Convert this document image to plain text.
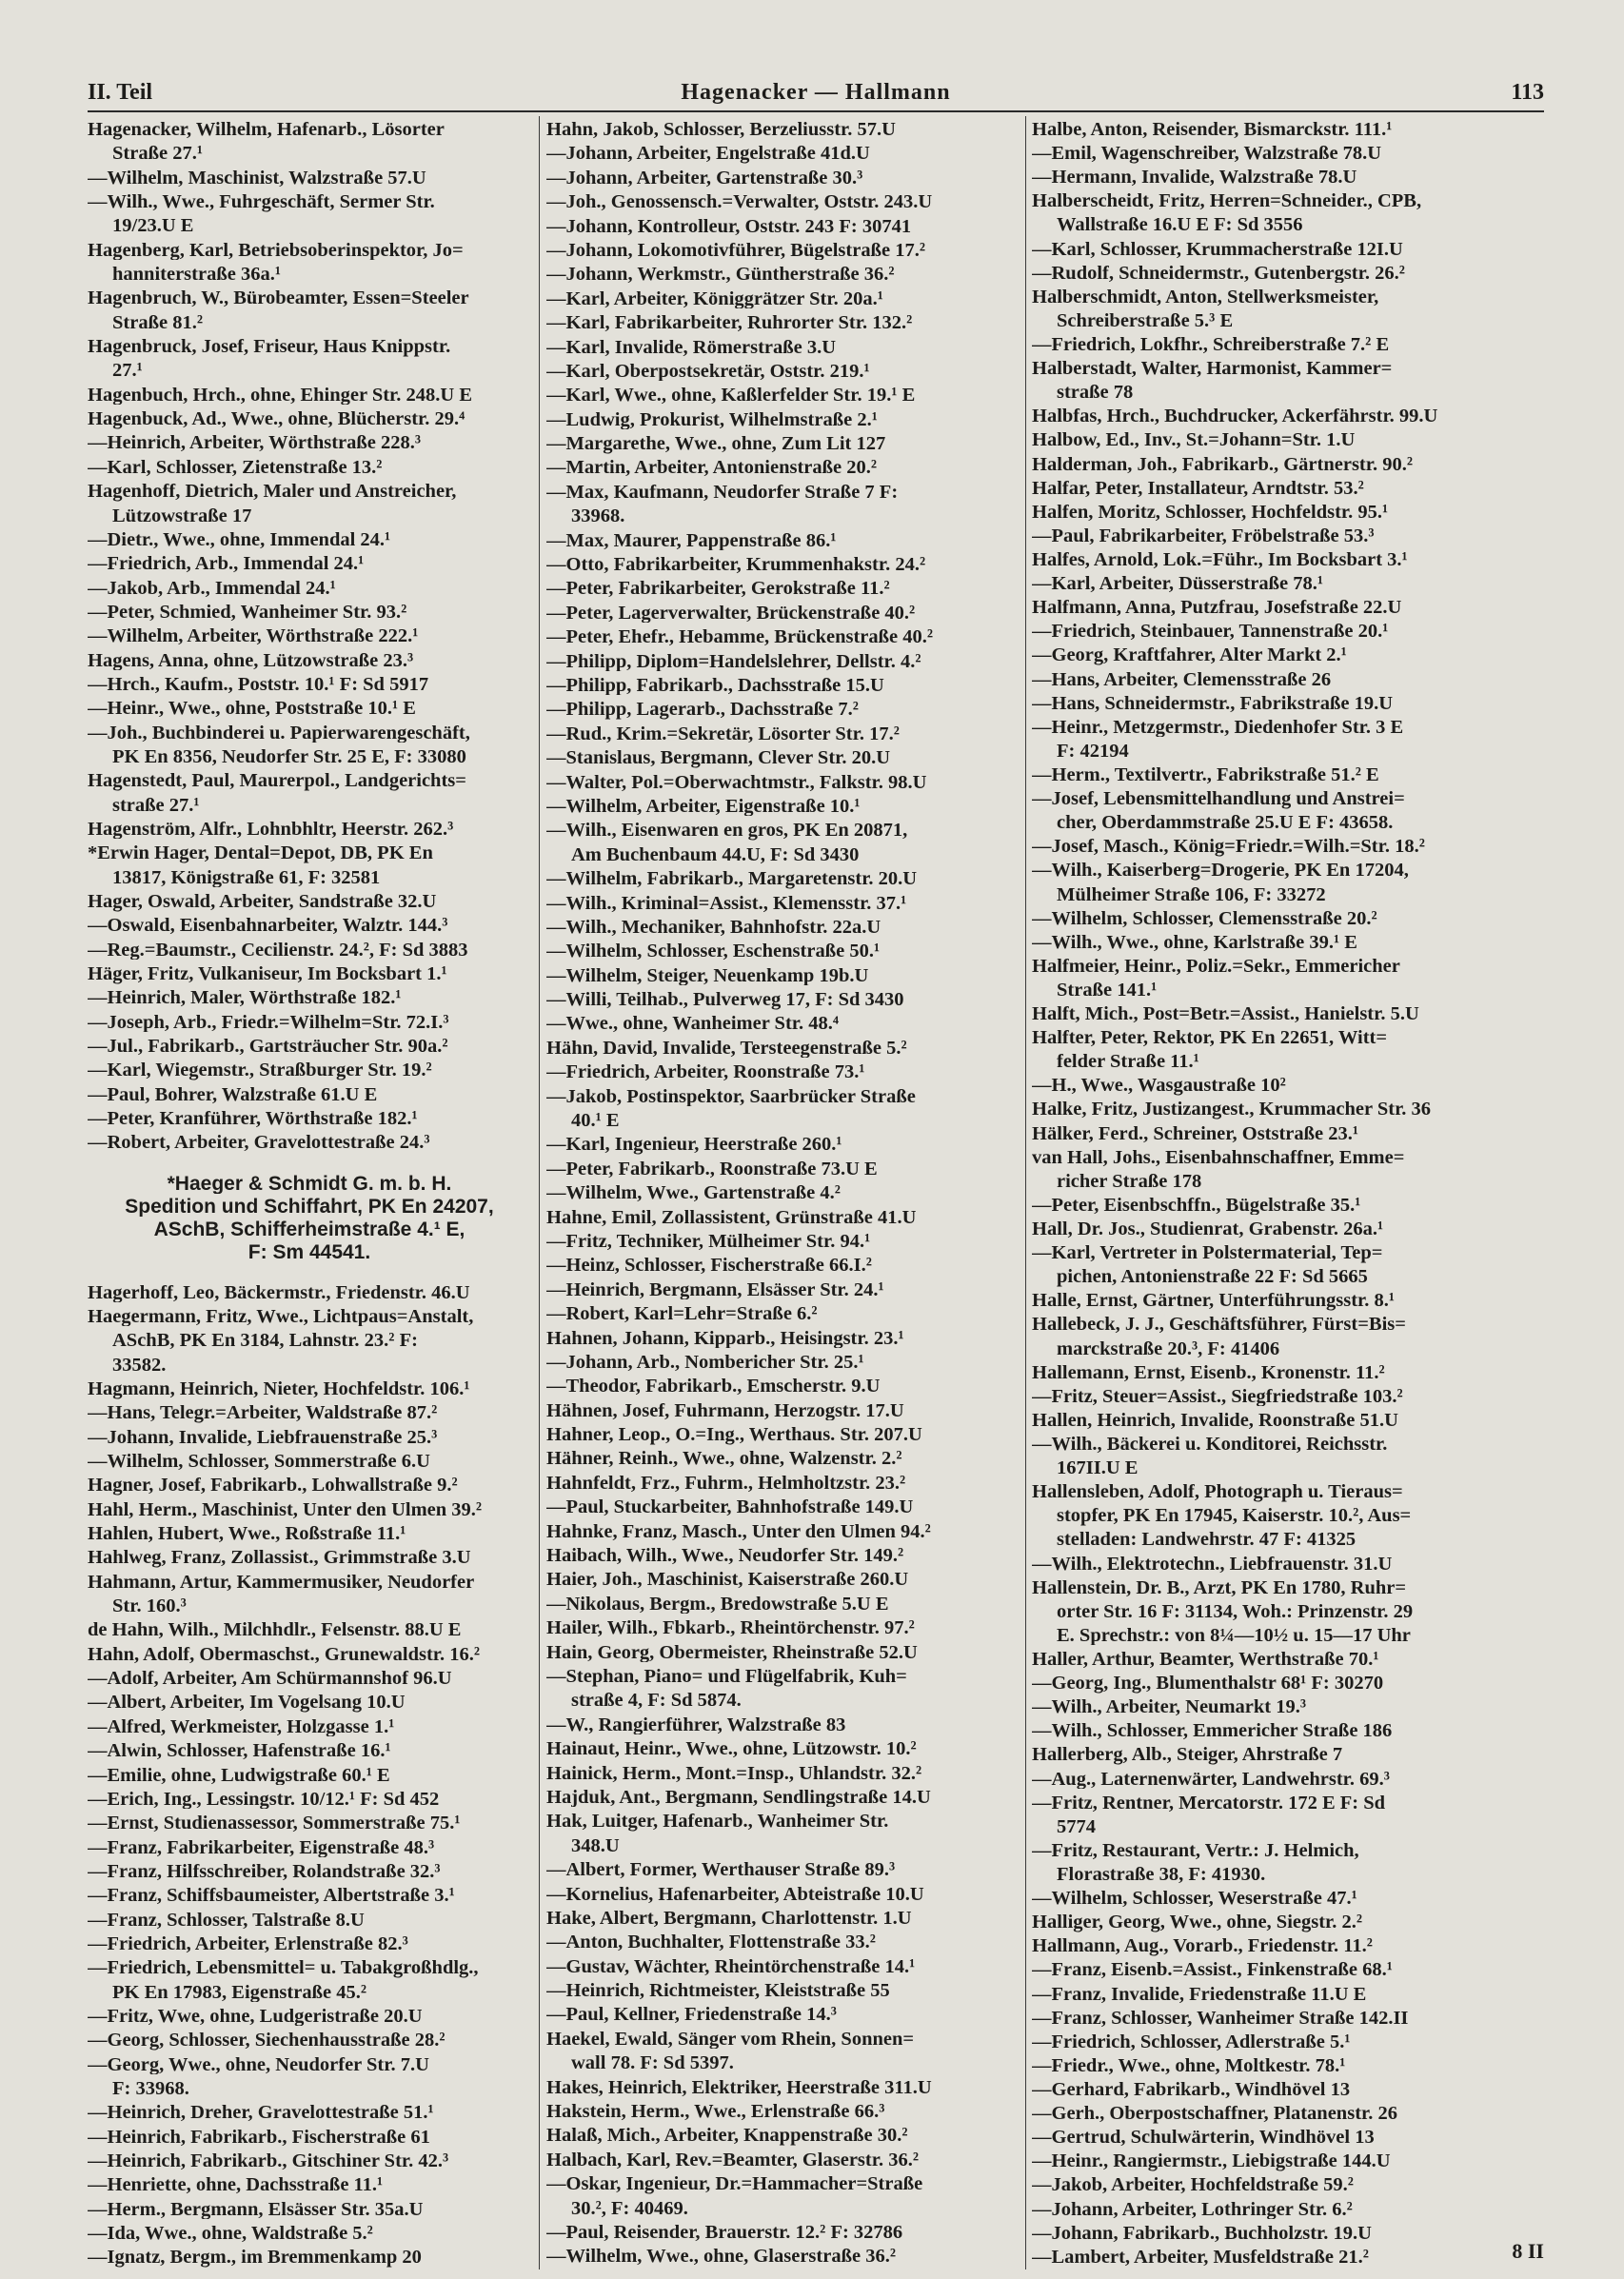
II. Teil	Hagenacker — Hallmann	113
Hagenacker, Wilhelm, Hafenarb., Lösorter
Straße 27.¹
—Wilhelm, Maschinist, Walzstraße 57.U
—Wilh., Wwe., Fuhrgeschäft, Sermer Str.
19/23.U E
Hagenberg, Karl, Betriebsoberinspektor, Jo=
hanniterstraße 36a.¹
Hagenbruch, W., Bürobeamter, Essen=Steeler
Straße 81.²
Hagenbruck, Josef, Friseur, Haus Knippstr.
27.¹
Hagenbuch, Hrch., ohne, Ehinger Str. 248.U E
Hagenbuck, Ad., Wwe., ohne, Blücherstr. 29.⁴
—Heinrich, Arbeiter, Wörthstraße 228.³
—Karl, Schlosser, Zietenstraße 13.²
Hagenhoff, Dietrich, Maler und Anstreicher,
Lützowstraße 17
—Dietr., Wwe., ohne, Immendal 24.¹
—Friedrich, Arb., Immendal 24.¹
—Jakob, Arb., Immendal 24.¹
—Peter, Schmied, Wanheimer Str. 93.²
—Wilhelm, Arbeiter, Wörthstraße 222.¹
Hagens, Anna, ohne, Lützowstraße 23.³
—Hrch., Kaufm., Poststr. 10.¹ F: Sd 5917
—Heinr., Wwe., ohne, Poststraße 10.¹ E
—Joh., Buchbinderei u. Papierwarengeschäft,
PK En 8356, Neudorfer Str. 25 E, F: 33080
Hagenstedt, Paul, Maurerpol., Landgerichts=
straße 27.¹
Hagenström, Alfr., Lohnbhltr, Heerstr. 262.³
*Erwin Hager, Dental=Depot, DB, PK En
13817, Königstraße 61, F: 32581
Hager, Oswald, Arbeiter, Sandstraße 32.U
—Oswald, Eisenbahnarbeiter, Walztr. 144.³
—Reg.=Baumstr., Cecilienstr. 24.², F: Sd 3883
Häger, Fritz, Vulkaniseur, Im Bocksbart 1.¹
—Heinrich, Maler, Wörthstraße 182.¹
—Joseph, Arb., Friedr.=Wilhelm=Str. 72.I.³
—Jul., Fabrikarb., Gartsträucher Str. 90a.²
—Karl, Wiegemstr., Straßburger Str. 19.²
—Paul, Bohrer, Walzstraße 61.U E
—Peter, Kranführer, Wörthstraße 182.¹
—Robert, Arbeiter, Gravelottestraße 24.³
*Haeger & Schmidt G. m. b. H.
Spedition und Schiffahrt, PK En 24207,
ASchB, Schifferheimstraße 4.¹ E,
F: Sm 44541.
Hagerhoff, Leo, Bäckermstr., Friedenstr. 46.U
Haegermann, Fritz, Wwe., Lichtpaus=Anstalt,
ASchB, PK En 3184, Lahnstr. 23.² F:
33582.
Hagmann, Heinrich, Nieter, Hochfeldstr. 106.¹
—Hans, Telegr.=Arbeiter, Waldstraße 87.²
—Johann, Invalide, Liebfrauenstraße 25.³
—Wilhelm, Schlosser, Sommerstraße 6.U
Hagner, Josef, Fabrikarb., Lohwallstraße 9.²
Hahl, Herm., Maschinist, Unter den Ulmen 39.²
Hahlen, Hubert, Wwe., Roßstraße 11.¹
Hahlweg, Franz, Zollassist., Grimmstraße 3.U
Hahmann, Artur, Kammermusiker, Neudorfer
Str. 160.³
de Hahn, Wilh., Milchhdlr., Felsenstr. 88.U E
Hahn, Adolf, Obermaschst., Grunewaldstr. 16.²
—Adolf, Arbeiter, Am Schürmannshof 96.U
—Albert, Arbeiter, Im Vogelsang 10.U
—Alfred, Werkmeister, Holzgasse 1.¹
—Alwin, Schlosser, Hafenstraße 16.¹
—Emilie, ohne, Ludwigstraße 60.¹ E
—Erich, Ing., Lessingstr. 10/12.¹ F: Sd 452
—Ernst, Studienassessor, Sommerstraße 75.¹
—Franz, Fabrikarbeiter, Eigenstraße 48.³
—Franz, Hilfsschreiber, Rolandstraße 32.³
—Franz, Schiffsbaumeister, Albertstraße 3.¹
—Franz, Schlosser, Talstraße 8.U
—Friedrich, Arbeiter, Erlenstraße 82.³
—Friedrich, Lebensmittel= u. Tabakgroßhdlg.,
PK En 17983, Eigenstraße 45.²
—Fritz, Wwe, ohne, Ludgeristraße 20.U
—Georg, Schlosser, Siechenhausstraße 28.²
—Georg, Wwe., ohne, Neudorfer Str. 7.U
F: 33968.
—Heinrich, Dreher, Gravelottestraße 51.¹
—Heinrich, Fabrikarb., Fischerstraße 61
—Heinrich, Fabrikarb., Gitschiner Str. 42.³
—Henriette, ohne, Dachsstraße 11.¹
—Herm., Bergmann, Elsässer Str. 35a.U
—Ida, Wwe., ohne, Waldstraße 5.²
—Ignatz, Bergm., im Bremmenkamp 20
Hahn, Jakob, Schlosser, Berzeliusstr. 57.U
—Johann, Arbeiter, Engelstraße 41d.U
—Johann, Arbeiter, Gartenstraße 30.³
—Joh., Genossensch.=Verwalter, Oststr. 243.U
—Johann, Kontrolleur, Oststr. 243 F: 30741
—Johann, Lokomotivführer, Bügelstraße 17.²
—Johann, Werkmstr., Güntherstraße 36.²
—Karl, Arbeiter, Königgrätzer Str. 20a.¹
—Karl, Fabrikarbeiter, Ruhrorter Str. 132.²
—Karl, Invalide, Römerstraße 3.U
—Karl, Oberpostsekretär, Oststr. 219.¹
—Karl, Wwe., ohne, Kaßlerfelder Str. 19.¹ E
—Ludwig, Prokurist, Wilhelmstraße 2.¹
—Margarethe, Wwe., ohne, Zum Lit 127
—Martin, Arbeiter, Antonienstraße 20.²
—Max, Kaufmann, Neudorfer Straße 7 F:
33968.
—Max, Maurer, Pappenstraße 86.¹
—Otto, Fabrikarbeiter, Krummenhakstr. 24.²
—Peter, Fabrikarbeiter, Gerokstraße 11.²
—Peter, Lagerverwalter, Brückenstraße 40.²
—Peter, Ehefr., Hebamme, Brückenstraße 40.²
—Philipp, Diplom=Handelslehrer, Dellstr. 4.²
—Philipp, Fabrikarb., Dachsstraße 15.U
—Philipp, Lagerarb., Dachsstraße 7.²
—Rud., Krim.=Sekretär, Lösorter Str. 17.²
—Stanislaus, Bergmann, Clever Str. 20.U
—Walter, Pol.=Oberwachtmstr., Falkstr. 98.U
—Wilhelm, Arbeiter, Eigenstraße 10.¹
—Wilh., Eisenwaren en gros, PK En 20871,
Am Buchenbaum 44.U, F: Sd 3430
—Wilhelm, Fabrikarb., Margaretenstr. 20.U
—Wilh., Kriminal=Assist., Klemensstr. 37.¹
—Wilh., Mechaniker, Bahnhofstr. 22a.U
—Wilhelm, Schlosser, Eschenstraße 50.¹
—Wilhelm, Steiger, Neuenkamp 19b.U
—Willi, Teilhab., Pulverweg 17, F: Sd 3430
—Wwe., ohne, Wanheimer Str. 48.⁴
Hähn, David, Invalide, Tersteegenstraße 5.²
—Friedrich, Arbeiter, Roonstraße 73.¹
—Jakob, Postinspektor, Saarbrücker Straße
40.¹ E
—Karl, Ingenieur, Heerstraße 260.¹
—Peter, Fabrikarb., Roonstraße 73.U E
—Wilhelm, Wwe., Gartenstraße 4.²
Hahne, Emil, Zollassistent, Grünstraße 41.U
—Fritz, Techniker, Mülheimer Str. 94.¹
—Heinz, Schlosser, Fischerstraße 66.I.²
—Heinrich, Bergmann, Elsässer Str. 24.¹
—Robert, Karl=Lehr=Straße 6.²
Hahnen, Johann, Kipparb., Heisingstr. 23.¹
—Johann, Arb., Nombericher Str. 25.¹
—Theodor, Fabrikarb., Emscherstr. 9.U
Hähnen, Josef, Fuhrmann, Herzogstr. 17.U
Hahner, Leop., O.=Ing., Werthaus. Str. 207.U
Hähner, Reinh., Wwe., ohne, Walzenstr. 2.²
Hahnfeldt, Frz., Fuhrm., Helmholtzstr. 23.²
—Paul, Stuckarbeiter, Bahnhofstraße 149.U
Hahnke, Franz, Masch., Unter den Ulmen 94.²
Haibach, Wilh., Wwe., Neudorfer Str. 149.²
Haier, Joh., Maschinist, Kaiserstraße 260.U
—Nikolaus, Bergm., Bredowstraße 5.U E
Hailer, Wilh., Fbkarb., Rheintörchenstr. 97.²
Hain, Georg, Obermeister, Rheinstraße 52.U
—Stephan, Piano= und Flügelfabrik, Kuh=
straße 4, F: Sd 5874.
—W., Rangierführer, Walzstraße 83
Hainaut, Heinr., Wwe., ohne, Lützowstr. 10.²
Hainick, Herm., Mont.=Insp., Uhlandstr. 32.²
Hajduk, Ant., Bergmann, Sendlingstraße 14.U
Hak, Luitger, Hafenarb., Wanheimer Str.
348.U
—Albert, Former, Werthauser Straße 89.³
—Kornelius, Hafenarbeiter, Abteistraße 10.U
Hake, Albert, Bergmann, Charlottenstr. 1.U
—Anton, Buchhalter, Flottenstraße 33.²
—Gustav, Wächter, Rheintörchenstraße 14.¹
—Heinrich, Richtmeister, Kleiststraße 55
—Paul, Kellner, Friedenstraße 14.³
Haekel, Ewald, Sänger vom Rhein, Sonnen=
wall 78. F: Sd 5397.
Hakes, Heinrich, Elektriker, Heerstraße 311.U
Hakstein, Herm., Wwe., Erlenstraße 66.³
Halaß, Mich., Arbeiter, Knappenstraße 30.²
Halbach, Karl, Rev.=Beamter, Glaserstr. 36.²
—Oskar, Ingenieur, Dr.=Hammacher=Straße
30.², F: 40469.
—Paul, Reisender, Brauerstr. 12.² F: 32786
—Wilhelm, Wwe., ohne, Glaserstraße 36.²
Halbe, Anton, Reisender, Bismarckstr. 111.¹
—Emil, Wagenschreiber, Walzstraße 78.U
—Hermann, Invalide, Walzstraße 78.U
Halberscheidt, Fritz, Herren=Schneider., CPB,
Wallstraße 16.U E F: Sd 3556
—Karl, Schlosser, Krummacherstraße 12I.U
—Rudolf, Schneidermstr., Gutenbergstr. 26.²
Halberschmidt, Anton, Stellwerksmeister,
Schreiberstraße 5.³ E
—Friedrich, Lokfhr., Schreiberstraße 7.² E
Halberstadt, Walter, Harmonist, Kammer=
straße 78
Halbfas, Hrch., Buchdrucker, Ackerfährstr. 99.U
Halbow, Ed., Inv., St.=Johann=Str. 1.U
Halderman, Joh., Fabrikarb., Gärtnerstr. 90.²
Halfar, Peter, Installateur, Arndtstr. 53.²
Halfen, Moritz, Schlosser, Hochfeldstr. 95.¹
—Paul, Fabrikarbeiter, Fröbelstraße 53.³
Halfes, Arnold, Lok.=Führ., Im Bocksbart 3.¹
—Karl, Arbeiter, Düsserstraße 78.¹
Halfmann, Anna, Putzfrau, Josefstraße 22.U
—Friedrich, Steinbauer, Tannenstraße 20.¹
—Georg, Kraftfahrer, Alter Markt 2.¹
—Hans, Arbeiter, Clemensstraße 26
—Hans, Schneidermstr., Fabrikstraße 19.U
—Heinr., Metzgermstr., Diedenhofer Str. 3 E
F: 42194
—Herm., Textilvertr., Fabrikstraße 51.² E
—Josef, Lebensmittelhandlung und Anstrei=
cher, Oberdammstraße 25.U E F: 43658.
—Josef, Masch., König=Friedr.=Wilh.=Str. 18.²
—Wilh., Kaiserberg=Drogerie, PK En 17204,
Mülheimer Straße 106, F: 33272
—Wilhelm, Schlosser, Clemensstraße 20.²
—Wilh., Wwe., ohne, Karlstraße 39.¹ E
Halfmeier, Heinr., Poliz.=Sekr., Emmericher
Straße 141.¹
Halft, Mich., Post=Betr.=Assist., Hanielstr. 5.U
Halfter, Peter, Rektor, PK En 22651, Witt=
felder Straße 11.¹
—H., Wwe., Wasgaustraße 10²
Halke, Fritz, Justizangest., Krummacher Str. 36
Hälker, Ferd., Schreiner, Oststraße 23.¹
van Hall, Johs., Eisenbahnschaffner, Emme=
richer Straße 178
—Peter, Eisenbschffn., Bügelstraße 35.¹
Hall, Dr. Jos., Studienrat, Grabenstr. 26a.¹
—Karl, Vertreter in Polstermaterial, Tep=
pichen, Antonienstraße 22 F: Sd 5665
Halle, Ernst, Gärtner, Unterführungsstr. 8.¹
Hallebeck, J. J., Geschäftsführer, Fürst=Bis=
marckstraße 20.³, F: 41406
Hallemann, Ernst, Eisenb., Kronenstr. 11.²
—Fritz, Steuer=Assist., Siegfriedstraße 103.²
Hallen, Heinrich, Invalide, Roonstraße 51.U
—Wilh., Bäckerei u. Konditorei, Reichsstr.
167II.U E
Hallensleben, Adolf, Photograph u. Tieraus=
stopfer, PK En 17945, Kaiserstr. 10.², Aus=
stelladen: Landwehrstr. 47 F: 41325
—Wilh., Elektrotechn., Liebfrauenstr. 31.U
Hallenstein, Dr. B., Arzt, PK En 1780, Ruhr=
orter Str. 16 F: 31134, Woh.: Prinzenstr. 29
E. Sprechstr.: von 8¼—10½ u. 15—17 Uhr
Haller, Arthur, Beamter, Werthstraße 70.¹
—Georg, Ing., Blumenthalstr 68¹ F: 30270
—Wilh., Arbeiter, Neumarkt 19.³
—Wilh., Schlosser, Emmericher Straße 186
Hallerberg, Alb., Steiger, Ahrstraße 7
—Aug., Laternenwärter, Landwehrstr. 69.³
—Fritz, Rentner, Mercatorstr. 172 E F: Sd
5774
—Fritz, Restaurant, Vertr.: J. Helmich,
Florastraße 38, F: 41930.
—Wilhelm, Schlosser, Weserstraße 47.¹
Halliger, Georg, Wwe., ohne, Siegstr. 2.²
Hallmann, Aug., Vorarb., Friedenstr. 11.²
—Franz, Eisenb.=Assist., Finkenstraße 68.¹
—Franz, Invalide, Friedenstraße 11.U E
—Franz, Schlosser, Wanheimer Straße 142.II
—Friedrich, Schlosser, Adlerstraße 5.¹
—Friedr., Wwe., ohne, Moltkestr. 78.¹
—Gerhard, Fabrikarb., Windhövel 13
—Gerh., Oberpostschaffner, Platanenstr. 26
—Gertrud, Schulwärterin, Windhövel 13
—Heinr., Rangiermstr., Liebigstraße 144.U
—Jakob, Arbeiter, Hochfeldstraße 59.²
—Johann, Arbeiter, Lothringer Str. 6.²
—Johann, Fabrikarb., Buchholzstr. 19.U
—Lambert, Arbeiter, Musfeldstraße 21.²	8 II
